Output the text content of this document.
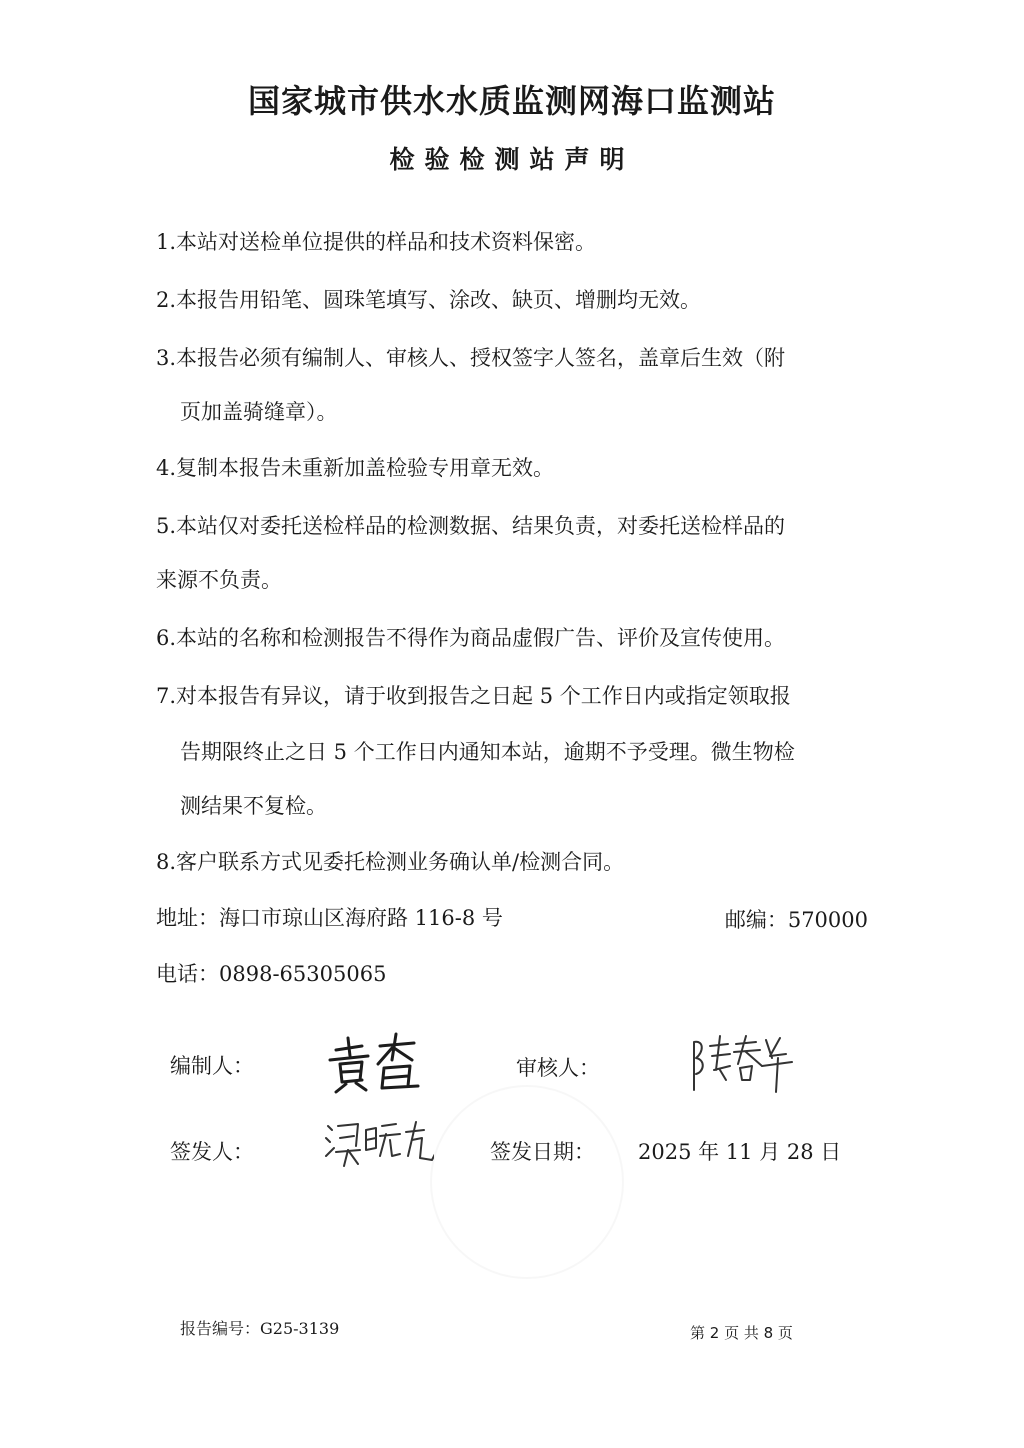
国家城市供水水质监测网海口监测站
检验检测站声明
1.本站对送检单位提供的样品和技术资料保密。
2.本报告用铅笔、圆珠笔填写、涂改、缺页、增删均无效。
3.本报告必须有编制人、审核人、授权签字人签名，盖章后生效（附
页加盖骑缝章）。
4.复制本报告未重新加盖检验专用章无效。
5.本站仅对委托送检样品的检测数据、结果负责，对委托送检样品的
来源不负责。
6.本站的名称和检测报告不得作为商品虚假广告、评价及宣传使用。
7.对本报告有异议，请于收到报告之日起 5 个工作日内或指定领取报
告期限终止之日 5 个工作日内通知本站，逾期不予受理。微生物检
测结果不复检。
8.客户联系方式见委托检测业务确认单/检测合同。
地址：海口市琼山区海府路 116-8 号	邮编：570000
电话：0898-65305065
编制人：	审核人：
签发人：	签发日期： 2025 年 11 月 28 日
报告编号：G25-3139	第 2 页 共 8 页
